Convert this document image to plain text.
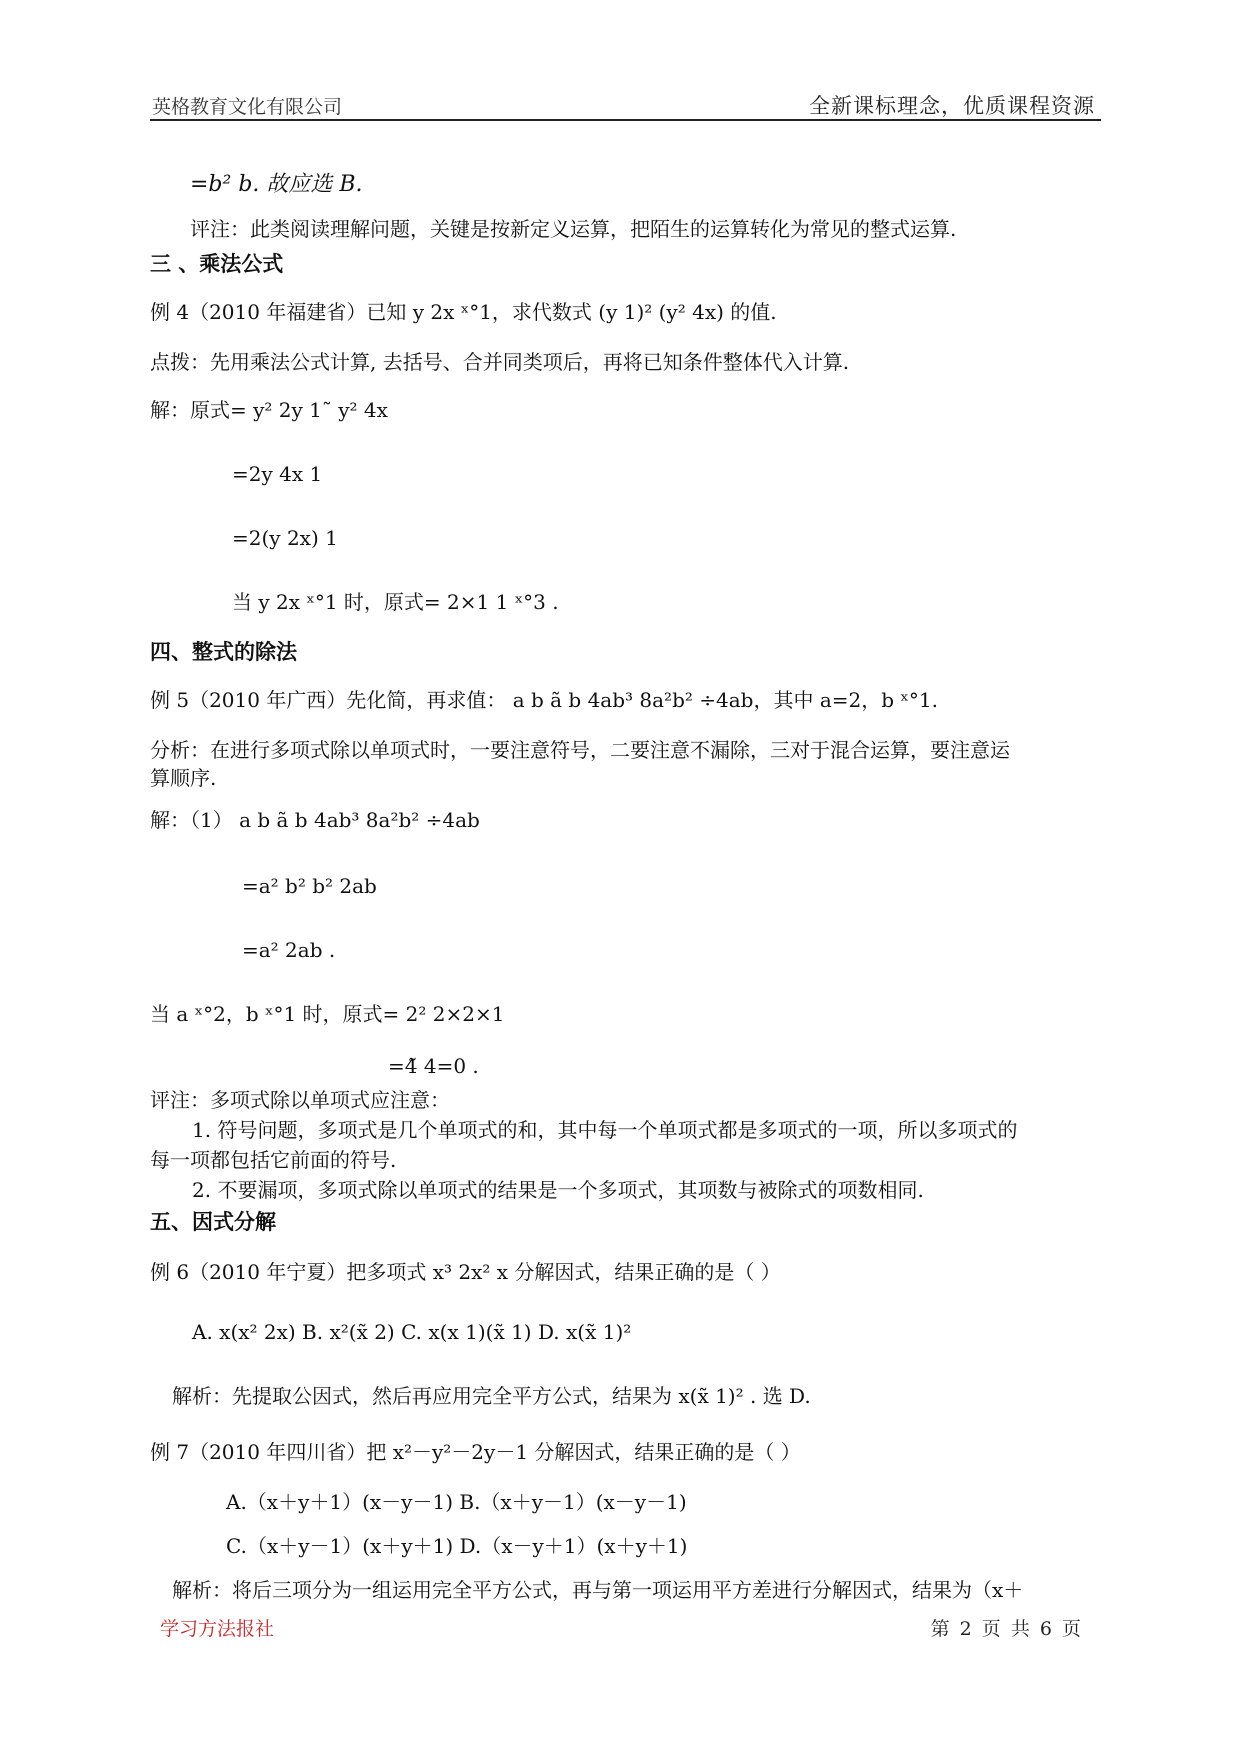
英格教育文化有限公司	全新课标理念，优质课程资源
=b² b. 故应选 B.
评注：此类阅读理解问题，关键是按新定义运算，把陌生的运算转化为常见的整式运算.
三 、乘法公式
例 4（2010 年福建省）已知 y 2x ˣ°1，求代数式 (y 1)² (y² 4x) 的值.
点拨：先用乘法公式计算, 去括号、合并同类项后，再将已知条件整体代入计算.
解：原式= y² 2y 1˜ y² 4x
=2y 4x 1
=2(y 2x) 1
当 y 2x ˣ°1 时，原式= 2×1 1 ˣ°3 .
四、整式的除法
例 5（2010 年广西）先化简，再求值： a b ã b 4ab³ 8a²b² ÷4ab，其中 a=2，b ˣ°1.
分析：在进行多项式除以单项式时，一要注意符号，二要注意不漏除，三对于混合运算，要注意运
算顺序.
解：（1） a b ã b 4ab³ 8a²b² ÷4ab
=a² b² b² 2ab
=a² 2ab .
当 a ˣ°2，b ˣ°1 时，原式= 2² 2×2×1
=4̃ 4=0 .
评注：多项式除以单项式应注意：
1. 符号问题，多项式是几个单项式的和，其中每一个单项式都是多项式的一项，所以多项式的
每一项都包括它前面的符号.
2. 不要漏项，多项式除以单项式的结果是一个多项式，其项数与被除式的项数相同.
五、因式分解
例 6（2010 年宁夏）把多项式 x³ 2x² x 分解因式，结果正确的是（ ）
A. x(x² 2x) B. x²(x̃ 2) C. x(x 1)(x̃ 1) D. x(x̃ 1)²
解析：先提取公因式，然后再应用完全平方公式，结果为 x(x̃ 1)² . 选 D.
例 7（2010 年四川省）把 x²－y²－2y－1 分解因式，结果正确的是（ ）
A.（x＋y＋1）(x－y－1) B.（x＋y－1）(x－y－1)
C.（x＋y－1）(x＋y＋1) D.（x－y＋1）(x＋y＋1)
解析：将后三项分为一组运用完全平方公式，再与第一项运用平方差进行分解因式，结果为（x＋
学习方法报社	第 2 页 共 6 页
